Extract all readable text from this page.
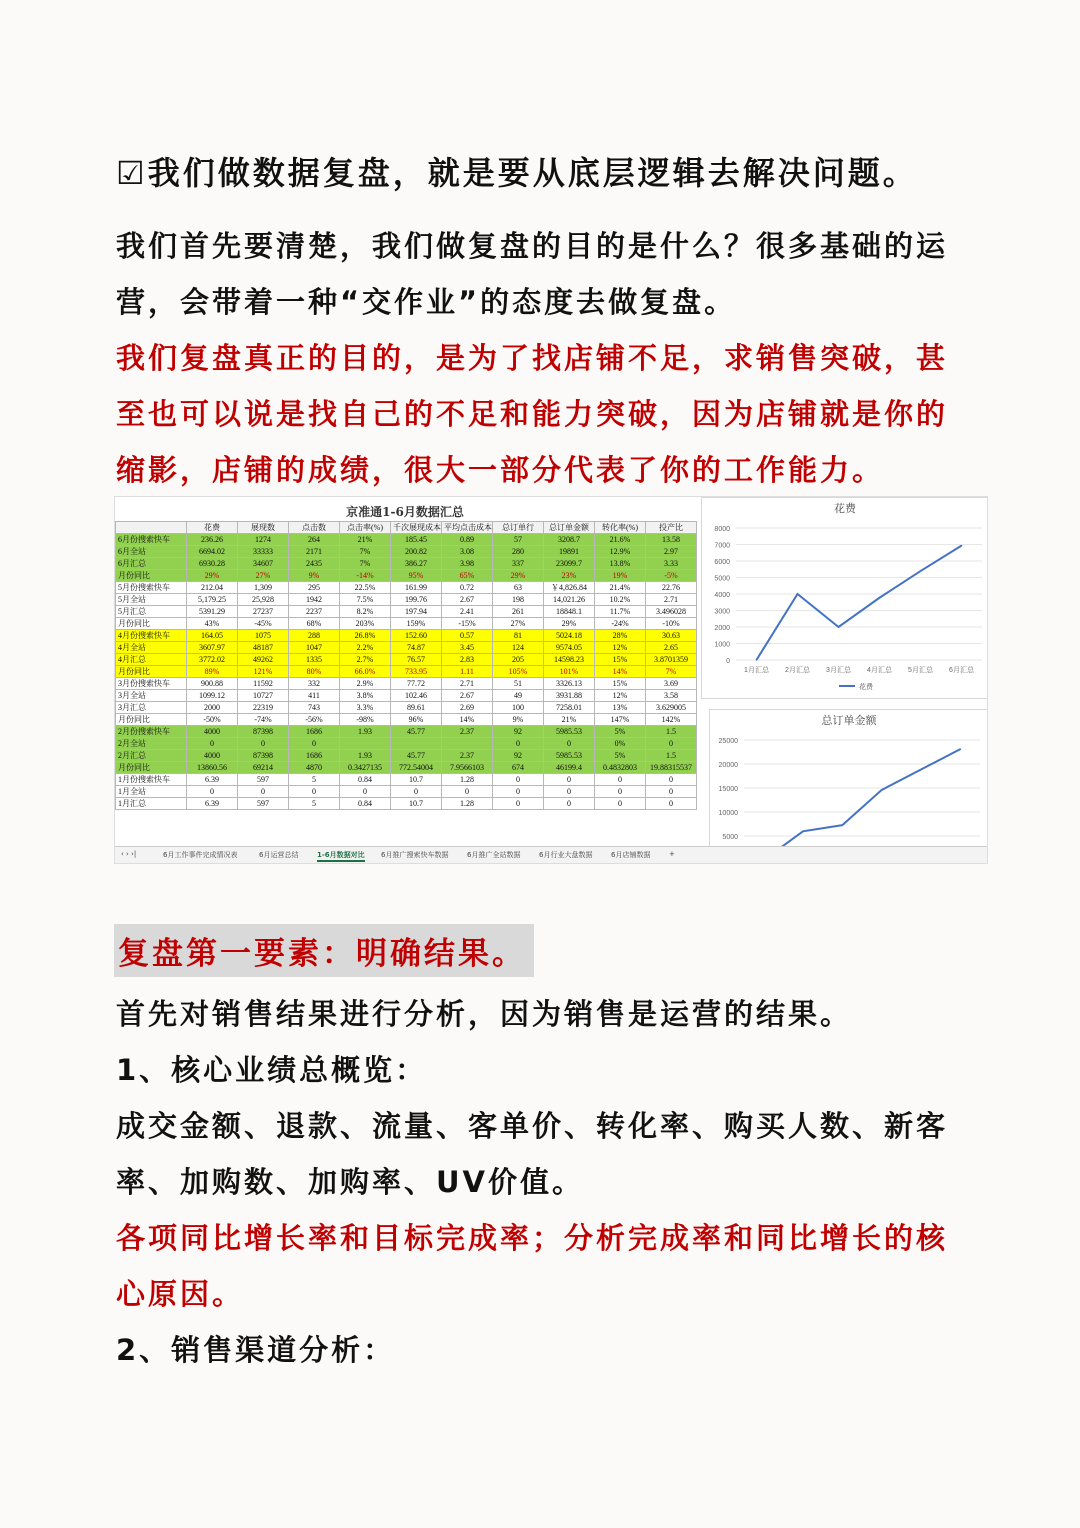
☑我们做数据复盘，就是要从底层逻辑去解决问题。
我们首先要清楚，我们做复盘的目的是什么？很多基础的运营，会带着一种“交作业”的态度去做复盘。
我们复盘真正的目的，是为了找店铺不足，求销售突破，甚至也可以说是找自己的不足和能力突破，因为店铺就是你的缩影，店铺的成绩，很大一部分代表了你的工作能力。
京准通1-6月数据汇总
	花费	展现数	点击数	点击率(%)	千次展现成本	平均点击成本	总订单行	总订单金额	转化率(%)	投产比
6月份搜索快车	236.26	1274	264	21%	185.45	0.89	57	3208.7	21.6%	13.58
6月全站	6694.02	33333	2171	7%	200.82	3.08	280	19891	12.9%	2.97
6月汇总	6930.28	34607	2435	7%	386.27	3.98	337	23099.7	13.8%	3.33
月份同比	29%	27%	9%	-14%	95%	65%	29%	23%	19%	-5%
5月份搜索快车	212.04	1,309	295	22.5%	161.99	0.72	63	￥4,826.84	21.4%	22.76
5月全站	5,179.25	25,928	1942	7.5%	199.76	2.67	198	14,021.26	10.2%	2.71
5月汇总	5391.29	27237	2237	8.2%	197.94	2.41	261	18848.1	11.7%	3.496028
月份同比	43%	-45%	68%	203%	159%	-15%	27%	29%	-24%	-10%
4月份搜索快车	164.05	1075	288	26.8%	152.60	0.57	81	5024.18	28%	30.63
4月全站	3607.97	48187	1047	2.2%	74.87	3.45	124	9574.05	12%	2.65
4月汇总	3772.02	49262	1335	2.7%	76.57	2.83	205	14598.23	15%	3.8701359
月份同比	89%	121%	80%	66.0%	733.95	1.11	105%	101%	14%	7%
3月份搜索快车	900.88	11592	332	2.9%	77.72	2.71	51	3326.13	15%	3.69
3月全站	1099.12	10727	411	3.8%	102.46	2.67	49	3931.88	12%	3.58
3月汇总	2000	22319	743	3.3%	89.61	2.69	100	7258.01	13%	3.629005
月份同比	-50%	-74%	-56%	-98%	96%	14%	9%	21%	147%	142%
2月份搜索快车	4000	87398	1686	1.93	45.77	2.37	92	5985.53	5%	1.5
2月全站	0	0	0				0	0	0%	0
2月汇总	4000	87398	1686	1.93	45.77	2.37	92	5985.53	5%	1.5
月份同比	13860.56	69214	4870	0.3427135	772.54004	7.9566103	674	46199.4	0.4832803	19.88315537
1月份搜索快车	6.39	597	5	0.84	10.7	1.28	0	0	0	0
1月全站	0	0	0	0	0	0	0	0	0	0
1月汇总	6.39	597	5	0.84	10.7	1.28	0	0	0	0
花费
0
1000
2000
3000
4000
5000
6000
7000
8000
1月汇总 2月汇总 3月汇总 4月汇总 5月汇总 6月汇总
花费
总订单金额
5000
10000
15000
20000
25000
‹ › ›|	6月工作事件完成情况表	6月运营总结	1-6月数据对比 6月推广搜索快车数据	6月推广全站数据	6月行业大盘数据	6月店铺数据	+
复盘第一要素：明确结果。
首先对销售结果进行分析，因为销售是运营的结果。
1、核心业绩总概览：
成交金额、退款、流量、客单价、转化率、购买人数、新客率、加购数、加购率、UV价值。
各项同比增长率和目标完成率；分析完成率和同比增长的核心原因。
2、销售渠道分析：
